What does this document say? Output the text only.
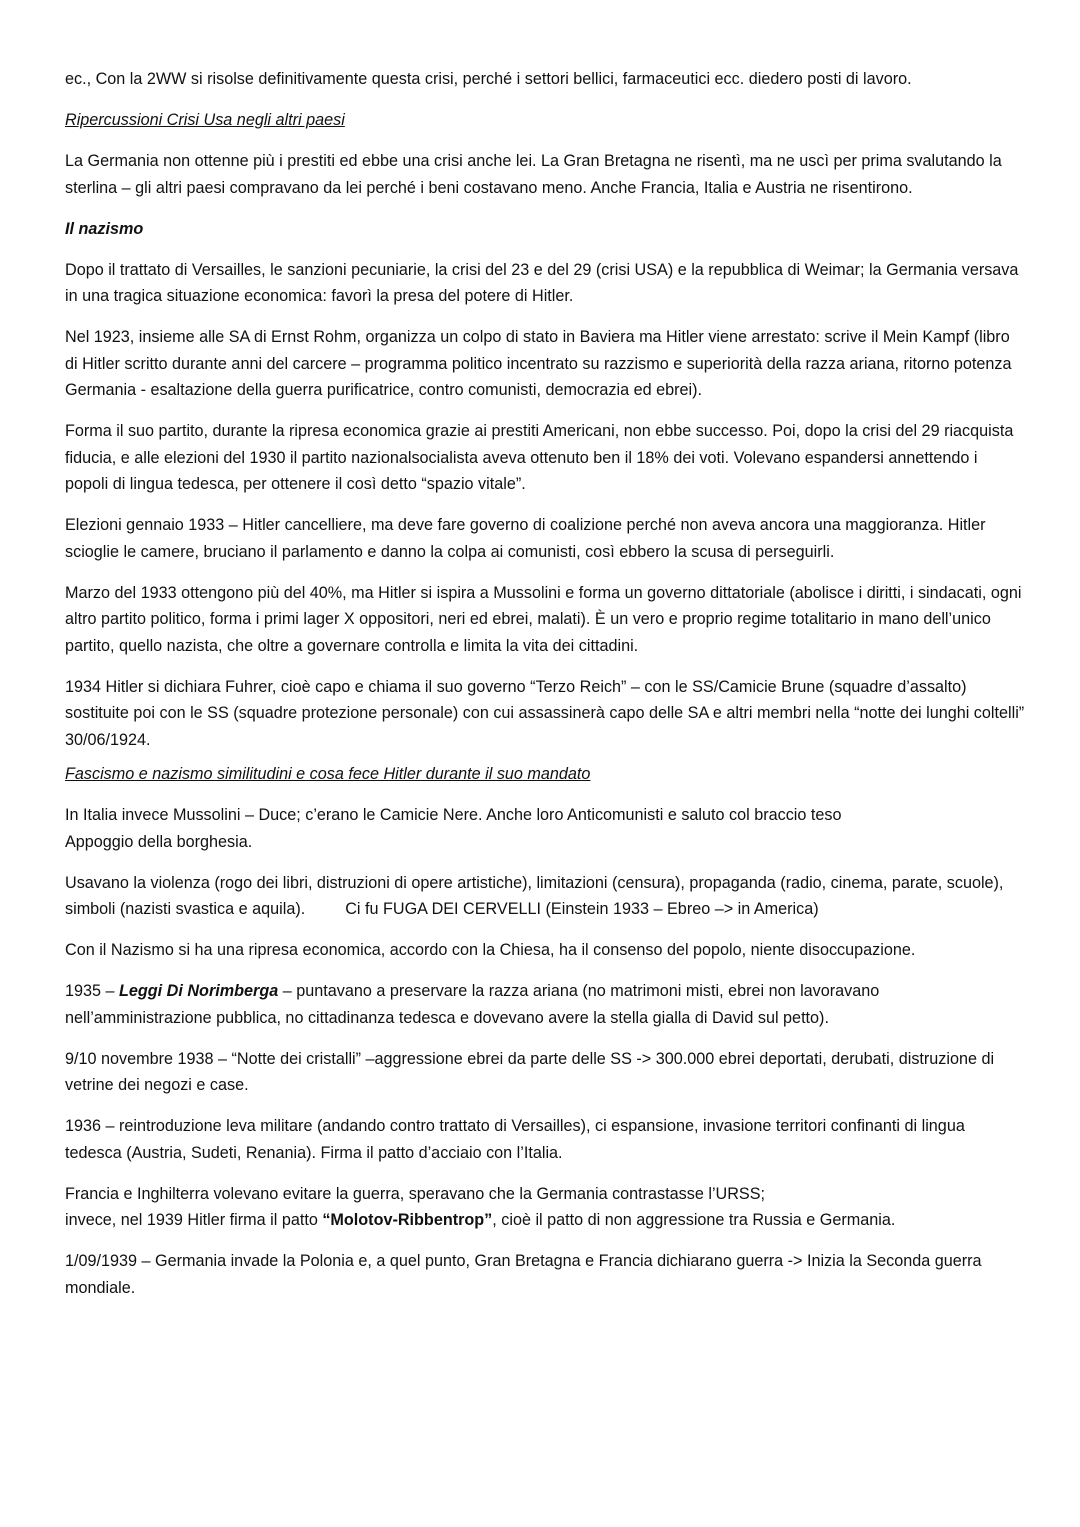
ec., Con la 2WW si risolse definitivamente questa crisi, perché i settori bellici, farmaceutici ecc. diedero posti di lavoro.

Ripercussioni Crisi Usa negli altri paesi

La Germania non ottenne più i prestiti ed ebbe una crisi anche lei. La Gran Bretagna ne risentì, ma ne uscì per prima svalutando la sterlina – gli altri paesi compravano da lei perché i beni costavano meno. Anche Francia, Italia e Austria ne risentirono.

Il nazismo

Dopo il trattato di Versailles, le sanzioni pecuniarie, la crisi del 23 e del 29 (crisi USA) e la repubblica di Weimar; la Germania versava in una tragica situazione economica: favorì la presa del potere di Hitler.

Nel 1923, insieme alle SA di Ernst Rohm, organizza un colpo di stato in Baviera ma Hitler viene arrestato: scrive il Mein Kampf (libro di Hitler scritto durante anni del carcere – programma politico incentrato su razzismo e superiorità della razza ariana, ritorno potenza Germania - esaltazione della guerra purificatrice, contro comunisti, democrazia ed ebrei).

Forma il suo partito, durante la ripresa economica grazie ai prestiti Americani, non ebbe successo. Poi, dopo la crisi del 29 riacquista fiducia, e alle elezioni del 1930 il partito nazionalsocialista aveva ottenuto ben il 18% dei voti. Volevano espandersi annettendo i popoli di lingua tedesca, per ottenere il così detto “spazio vitale”.

Elezioni gennaio 1933 – Hitler cancelliere, ma deve fare governo di coalizione perché non aveva ancora una maggioranza. Hitler scioglie le camere, bruciano il parlamento e danno la colpa ai comunisti, così ebbero la scusa di perseguirli.

Marzo del 1933 ottengono più del 40%, ma Hitler si ispira a Mussolini e forma un governo dittatoriale (abolisce i diritti, i sindacati, ogni altro partito politico, forma i primi lager X oppositori, neri ed ebrei, malati). È un vero e proprio regime totalitario in mano dell’unico partito, quello nazista, che oltre a governare controlla e limita la vita dei cittadini.

1934 Hitler si dichiara Fuhrer, cioè capo e chiama il suo governo “Terzo Reich” – con le SS/Camicie Brune (squadre d’assalto) sostituite poi con le SS (squadre protezione personale) con cui assassinerà capo delle SA e altri membri nella “notte dei lunghi coltelli” 30/06/1924.

Fascismo e nazismo similitudini e cosa fece Hitler durante il suo mandato

In Italia invece Mussolini – Duce; c’erano le Camicie Nere. Anche loro Anticomunisti e saluto col braccio teso
Appoggio della borghesia.

Usavano la violenza (rogo dei libri, distruzioni di opere artistiche), limitazioni (censura), propaganda (radio, cinema, parate, scuole), simboli (nazisti svastica e aquila). Ci fu FUGA DEI CERVELLI (Einstein 1933 – Ebreo –> in America)

Con il Nazismo si ha una ripresa economica, accordo con la Chiesa, ha il consenso del popolo, niente disoccupazione.

1935 – Leggi Di Norimberga – puntavano a preservare la razza ariana (no matrimoni misti, ebrei non lavoravano nell’amministrazione pubblica, no cittadinanza tedesca e dovevano avere la stella gialla di David sul petto).

9/10 novembre 1938 – “Notte dei cristalli” –aggressione ebrei da parte delle SS -> 300.000 ebrei deportati, derubati, distruzione di vetrine dei negozi e case.

1936 – reintroduzione leva militare (andando contro trattato di Versailles), ci espansione, invasione territori confinanti di lingua tedesca (Austria, Sudeti, Renania). Firma il patto d’acciaio con l’Italia.

Francia e Inghilterra volevano evitare la guerra, speravano che la Germania contrastasse l’URSS;
invece, nel 1939 Hitler firma il patto “Molotov-Ribbentrop”, cioè il patto di non aggressione tra Russia e Germania.

1/09/1939 – Germania invade la Polonia e, a quel punto, Gran Bretagna e Francia dichiarano guerra -> Inizia la Seconda guerra mondiale.
